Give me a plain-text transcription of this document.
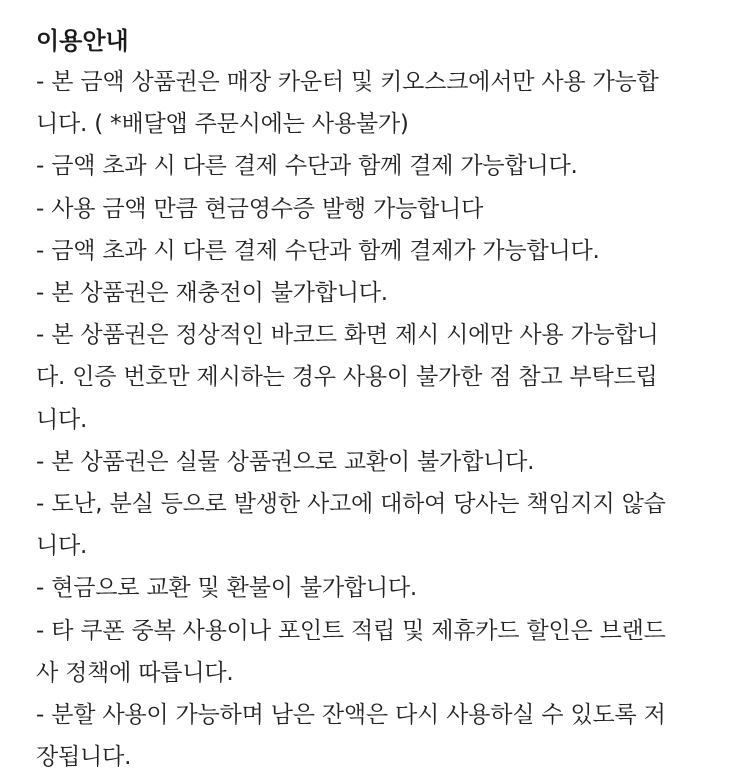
이용안내
- 본 금액 상품권은 매장 카운터 및 키오스크에서만 사용 가능합
니다. ( *배달앱 주문시에는 사용불가)
- 금액 초과 시 다른 결제 수단과 함께 결제 가능합니다.
- 사용 금액 만큼 현금영수증 발행 가능합니다
- 금액 초과 시 다른 결제 수단과 함께 결제가 가능합니다.
- 본 상품권은 재충전이 불가합니다.
- 본 상품권은 정상적인 바코드 화면 제시 시에만 사용 가능합니
다. 인증 번호만 제시하는 경우 사용이 불가한 점 참고 부탁드립
니다.
- 본 상품권은 실물 상품권으로 교환이 불가합니다.
- 도난, 분실 등으로 발생한 사고에 대하여 당사는 책임지지 않습
니다.
- 현금으로 교환 및 환불이 불가합니다.
- 타 쿠폰 중복 사용이나 포인트 적립 및 제휴카드 할인은 브랜드
사 정책에 따릅니다.
- 분할 사용이 가능하며 남은 잔액은 다시 사용하실 수 있도록 저
장됩니다.
